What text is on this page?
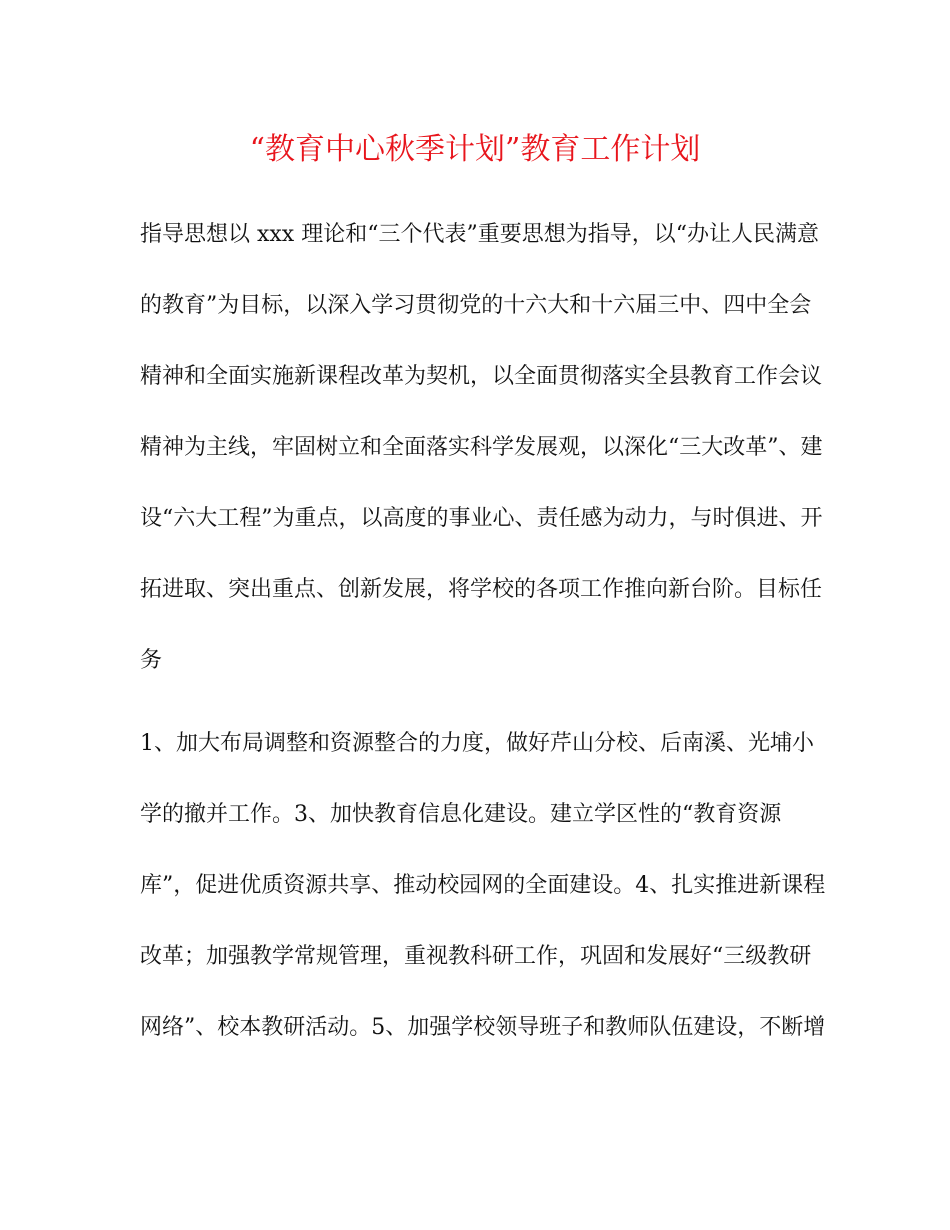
“教育中心秋季计划”教育工作计划
指导思想以 xxx 理论和“三个代表”重要思想为指导，以“办让人民满意
的教育”为目标，以深入学习贯彻党的十六大和十六届三中、四中全会
精神和全面实施新课程改革为契机，以全面贯彻落实全县教育工作会议
精神为主线，牢固树立和全面落实科学发展观，以深化“三大改革”、建
设“六大工程”为重点，以高度的事业心、责任感为动力，与时俱进、开
拓进取、突出重点、创新发展，将学校的各项工作推向新台阶。目标任
务
1、加大布局调整和资源整合的力度，做好芹山分校、后南溪、光埔小
学的撤并工作。3、加快教育信息化建设。建立学区性的“教育资源
库”，促进优质资源共享、推动校园网的全面建设。4、扎实推进新课程
改革；加强教学常规管理，重视教科研工作，巩固和发展好“三级教研
网络”、校本教研活动。5、加强学校领导班子和教师队伍建设，不断增
